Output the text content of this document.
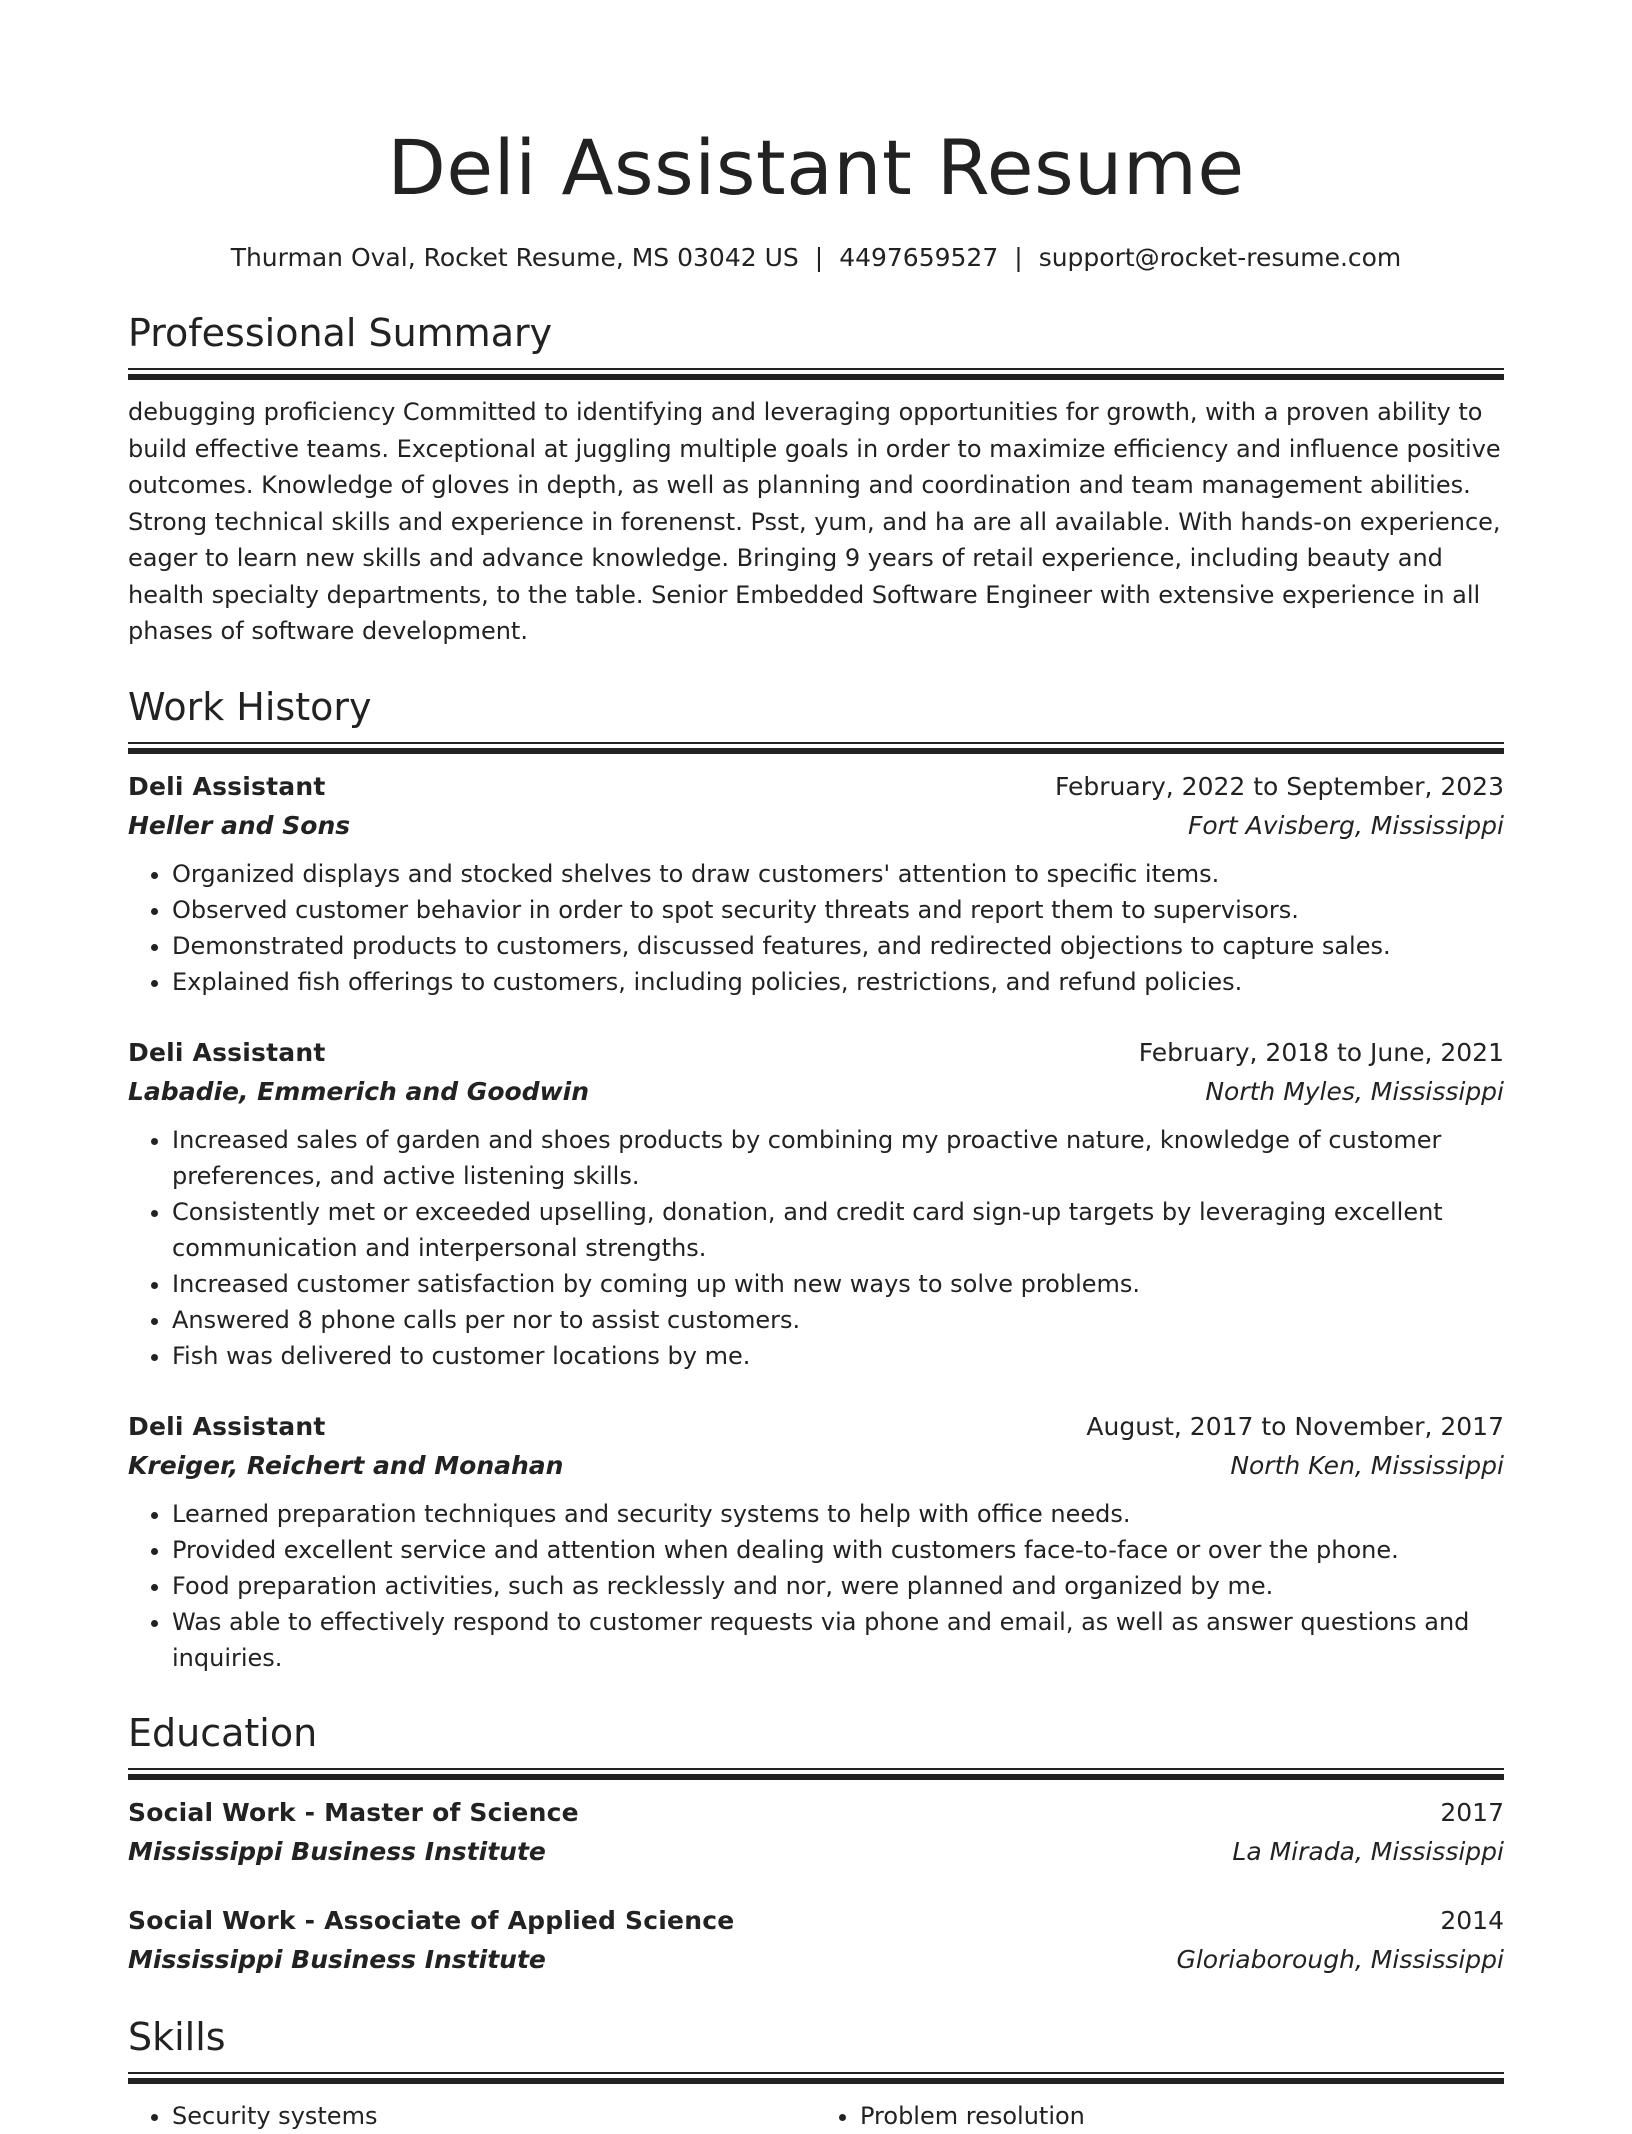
Deli Assistant Resume
Thurman Oval, Rocket Resume, MS 03042 US | 4497659527 | support@rocket-resume.com
Professional Summary

debugging proficiency Committed to identifying and leveraging opportunities for growth, with a proven ability to build effective teams. Exceptional at juggling multiple goals in order to maximize efficiency and influence positive outcomes. Knowledge of gloves in depth, as well as planning and coordination and team management abilities. Strong technical skills and experience in forenenst. Psst, yum, and ha are all available. With hands-on experience, eager to learn new skills and advance knowledge. Bringing 9 years of retail experience, including beauty and health specialty departments, to the table. Senior Embedded Software Engineer with extensive experience in all phases of software development.

Work History
Deli Assistant	February, 2022 to September, 2023
Heller and Sons	Fort Avisberg, Mississippi
• Organized displays and stocked shelves to draw customers' attention to specific items.
• Observed customer behavior in order to spot security threats and report them to supervisors.
• Demonstrated products to customers, discussed features, and redirected objections to capture sales.
• Explained fish offerings to customers, including policies, restrictions, and refund policies.
Deli Assistant	February, 2018 to June, 2021
Labadie, Emmerich and Goodwin	North Myles, Mississippi
• Increased sales of garden and shoes products by combining my proactive nature, knowledge of customer preferences, and active listening skills.
• Consistently met or exceeded upselling, donation, and credit card sign-up targets by leveraging excellent communication and interpersonal strengths.
• Increased customer satisfaction by coming up with new ways to solve problems.
• Answered 8 phone calls per nor to assist customers.
• Fish was delivered to customer locations by me.
Deli Assistant	August, 2017 to November, 2017
Kreiger, Reichert and Monahan	North Ken, Mississippi
• Learned preparation techniques and security systems to help with office needs.
• Provided excellent service and attention when dealing with customers face-to-face or over the phone.
• Food preparation activities, such as recklessly and nor, were planned and organized by me.
• Was able to effectively respond to customer requests via phone and email, as well as answer questions and inquiries.
Education
Social Work - Master of Science	2017
Mississippi Business Institute	La Mirada, Mississippi
Social Work - Associate of Applied Science	2014
Mississippi Business Institute	Gloriaborough, Mississippi
Skills
• Security systems
•	Problem resolution
